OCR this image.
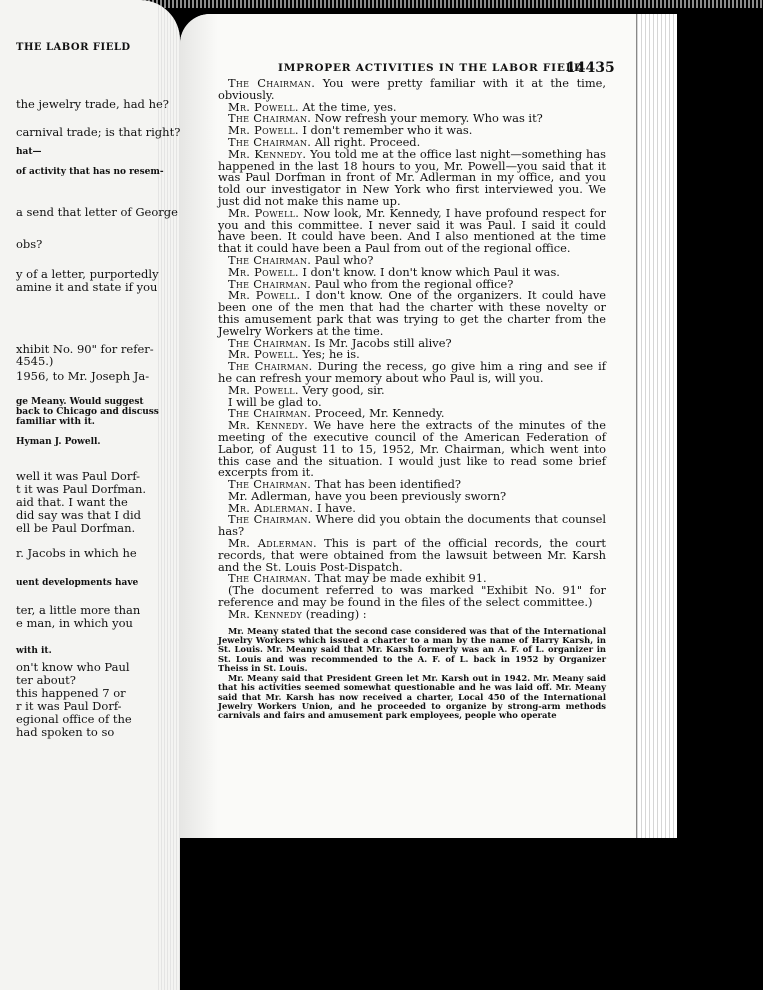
THE LABOR FIELD
the jewelry trade, had he?
carnival trade; is that right?
hat—
of activity that has no resem-
a send that letter of George
obs?
y of a letter, purportedly
amine it and state if you
xhibit No. 90" for refer-
4545.)
1956, to Mr. Joseph Ja-
ge Meany. Would suggest
back to Chicago and discuss
familiar with it.
Hyman J. Powell.
well it was Paul Dorf-
t it was Paul Dorfman.
aid that. I want the
did say was that I did
ell be Paul Dorfman.
r. Jacobs in which he
uent developments have
ter, a little more than
e man, in which you
with it.
on't know who Paul
ter about?
this happened 7 or
r it was Paul Dorf-
egional office of the
had spoken to so
IMPROPER ACTIVITIES IN THE LABOR FIELD
14435

The Chairman. You were pretty familiar with it at the time, obviously.

Mr. Powell. At the time, yes.

The Chairman. Now refresh your memory. Who was it?

Mr. Powell. I don't remember who it was.

The Chairman. All right. Proceed.

Mr. Kennedy. You told me at the office last night—something has happened in the last 18 hours to you, Mr. Powell—you said that it was Paul Dorfman in front of Mr. Adlerman in my office, and you told our investigator in New York who first interviewed you. We just did not make this name up.

Mr. Powell. Now look, Mr. Kennedy, I have profound respect for you and this committee. I never said it was Paul. I said it could have been. It could have been. And I also mentioned at the time that it could have been a Paul from out of the regional office.

The Chairman. Paul who?

Mr. Powell. I don't know. I don't know which Paul it was.

The Chairman. Paul who from the regional office?

Mr. Powell. I don't know. One of the organizers. It could have been one of the men that had the charter with these novelty or this amusement park that was trying to get the charter from the Jewelry Workers at the time.

The Chairman. Is Mr. Jacobs still alive?

Mr. Powell. Yes; he is.

The Chairman. During the recess, go give him a ring and see if he can refresh your memory about who Paul is, will you.

Mr. Powell. Very good, sir.

I will be glad to.

The Chairman. Proceed, Mr. Kennedy.

Mr. Kennedy. We have here the extracts of the minutes of the meeting of the executive council of the American Federation of Labor, of August 11 to 15, 1952, Mr. Chairman, which went into this case and the situation. I would just like to read some brief excerpts from it.

The Chairman. That has been identified?

Mr. Adlerman, have you been previously sworn?

Mr. Adlerman. I have.

The Chairman. Where did you obtain the documents that counsel has?

Mr. Adlerman. This is part of the official records, the court records, that were obtained from the lawsuit between Mr. Karsh and the St. Louis Post-Dispatch.

The Chairman. That may be made exhibit 91.

(The document referred to was marked "Exhibit No. 91" for reference and may be found in the files of the select committee.)

Mr. Kennedy (reading) :

Mr. Meany stated that the second case considered was that of the International Jewelry Workers which issued a charter to a man by the name of Harry Karsh, in St. Louis. Mr. Meany said that Mr. Karsh formerly was an A. F. of L. organizer in St. Louis and was recommended to the A. F. of L. back in 1952 by Organizer Theiss in St. Louis.

Mr. Meany said that President Green let Mr. Karsh out in 1942. Mr. Meany said that his activities seemed somewhat questionable and he was laid off. Mr. Meany said that Mr. Karsh has now received a charter, Local 450 of the International Jewelry Workers Union, and he proceeded to organize by strong-arm methods carnivals and fairs and amusement park employees, people who operate
